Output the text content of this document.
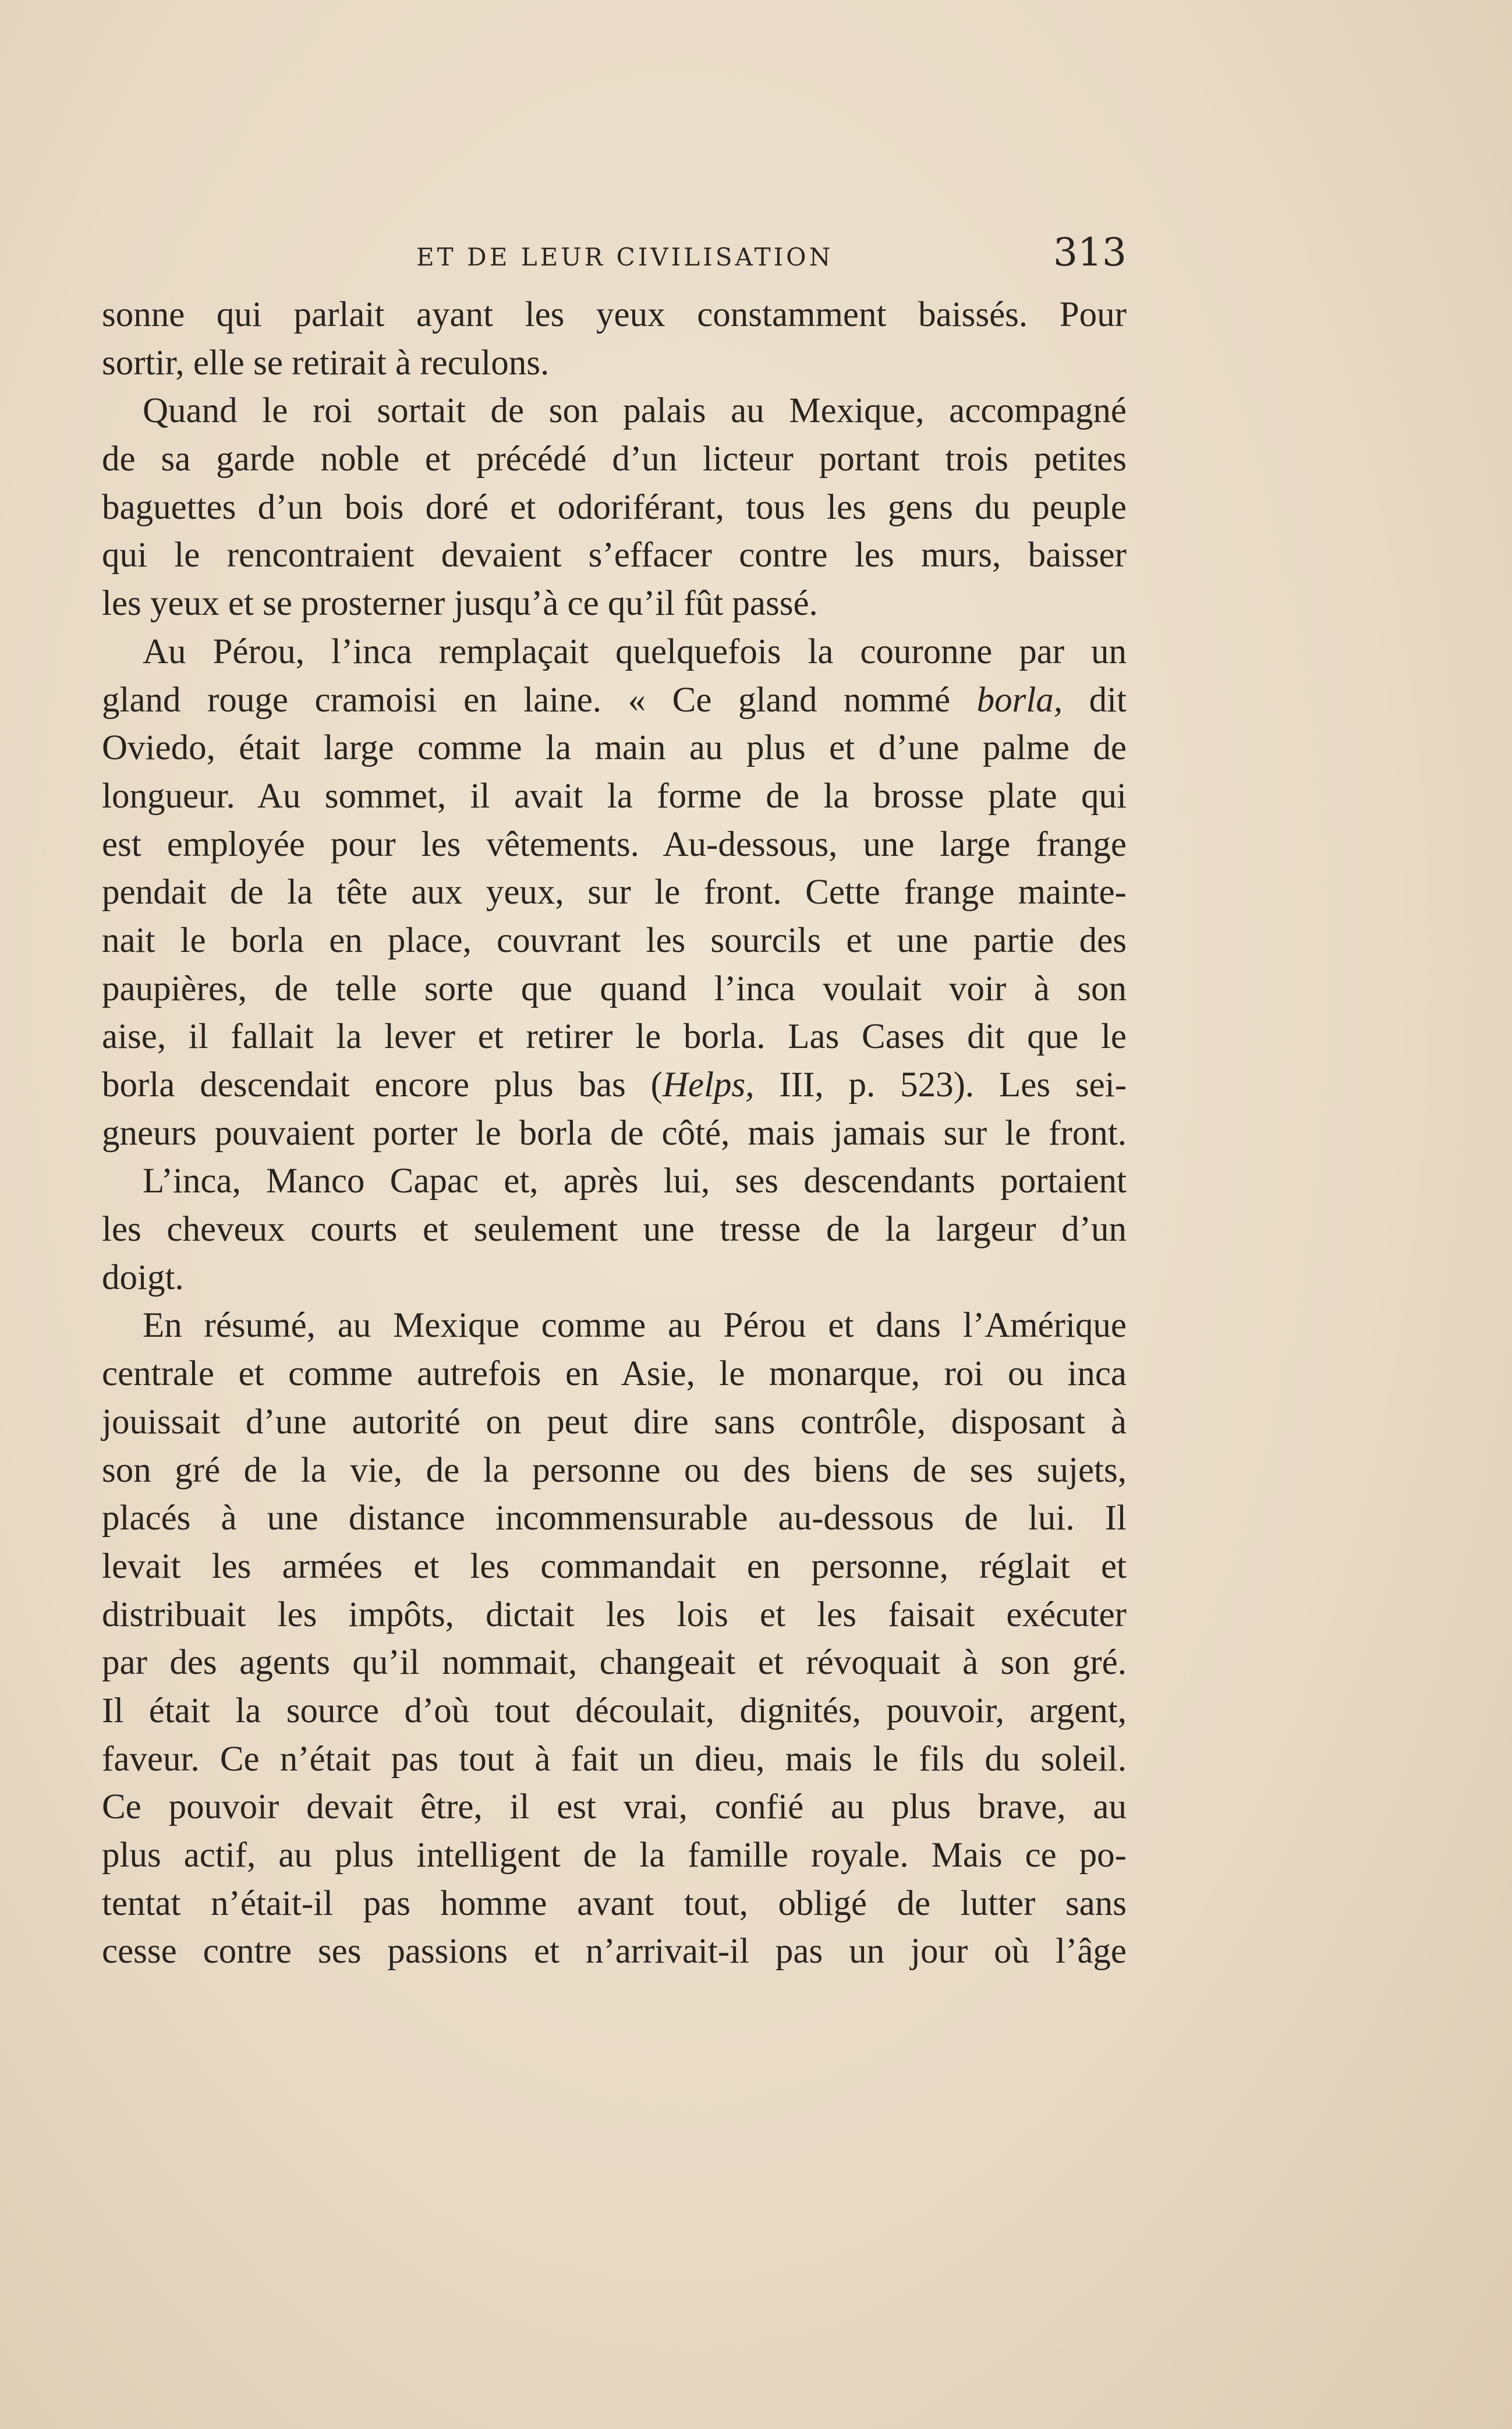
ET DE LEUR CIVILISATION	313
sonne qui parlait ayant les yeux constamment baissés. Pour
sortir, elle se retirait à reculons.
Quand le roi sortait de son palais au Mexique, accompagné
de sa garde noble et précédé d’un licteur portant trois petites
baguettes d’un bois doré et odoriférant, tous les gens du peuple
qui le rencontraient devaient s’effacer contre les murs, baisser
les yeux et se prosterner jusqu’à ce qu’il fût passé.
Au Pérou, l’inca remplaçait quelquefois la couronne par un
gland rouge cramoisi en laine. « Ce gland nommé borla, dit
Oviedo, était large comme la main au plus et d’une palme de
longueur. Au sommet, il avait la forme de la brosse plate qui
est employée pour les vêtements. Au-dessous, une large frange
pendait de la tête aux yeux, sur le front. Cette frange mainte-
nait le borla en place, couvrant les sourcils et une partie des
paupières, de telle sorte que quand l’inca voulait voir à son
aise, il fallait la lever et retirer le borla. Las Cases dit que le
borla descendait encore plus bas (Helps, III, p. 523). Les sei-
gneurs pouvaient porter le borla de côté, mais jamais sur le front.
L’inca, Manco Capac et, après lui, ses descendants portaient
les cheveux courts et seulement une tresse de la largeur d’un
doigt.
En résumé, au Mexique comme au Pérou et dans l’Amérique
centrale et comme autrefois en Asie, le monarque, roi ou inca
jouissait d’une autorité on peut dire sans contrôle, disposant à
son gré de la vie, de la personne ou des biens de ses sujets,
placés à une distance incommensurable au-dessous de lui. Il
levait les armées et les commandait en personne, réglait et
distribuait les impôts, dictait les lois et les faisait exécuter
par des agents qu’il nommait, changeait et révoquait à son gré.
Il était la source d’où tout découlait, dignités, pouvoir, argent,
faveur. Ce n’était pas tout à fait un dieu, mais le fils du soleil.
Ce pouvoir devait être, il est vrai, confié au plus brave, au
plus actif, au plus intelligent de la famille royale. Mais ce po-
tentat n’était-il pas homme avant tout, obligé de lutter sans
cesse contre ses passions et n’arrivait-il pas un jour où l’âge
